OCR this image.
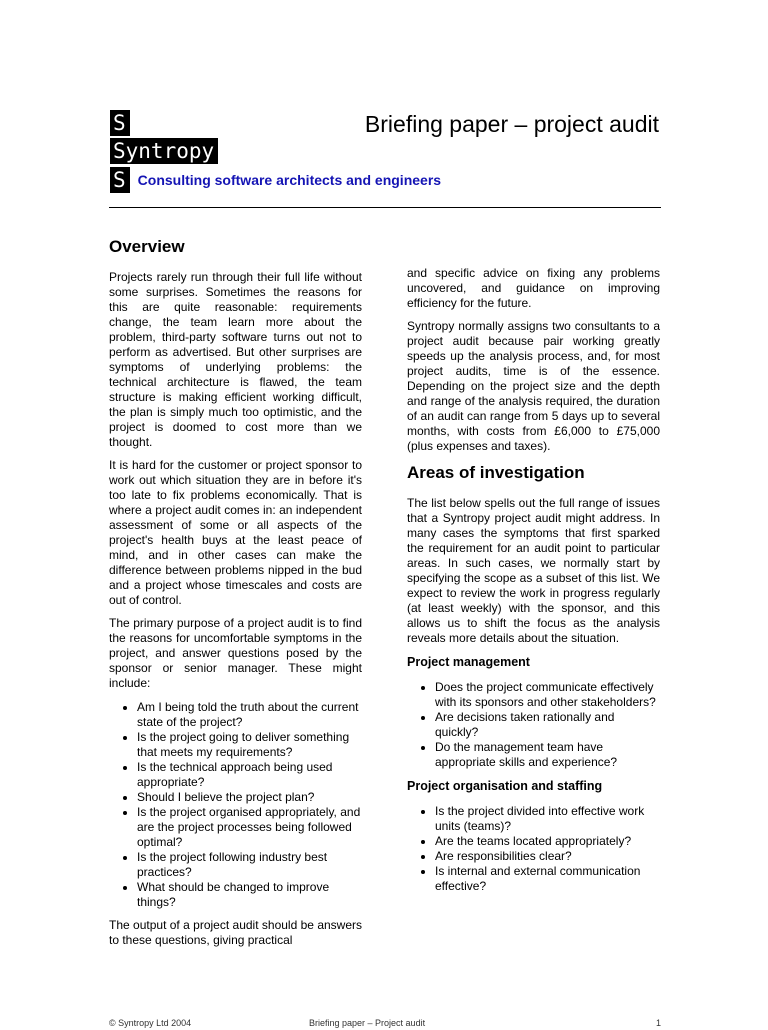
S
Syntropy
S Consulting software architects and engineers
Briefing paper – project audit
Overview

Projects rarely run through their full life without some surprises. Sometimes the reasons for this are quite reasonable: requirements change, the team learn more about the problem, third-party software turns out not to perform as advertised. But other surprises are symptoms of underlying problems: the technical architecture is flawed, the team structure is making efficient working difficult, the plan is simply much too optimistic, and the project is doomed to cost more than we thought.

It is hard for the customer or project sponsor to work out which situation they are in before it's too late to fix problems economically. That is where a project audit comes in: an independent assessment of some or all aspects of the project's health buys at the least peace of mind, and in other cases can make the difference between problems nipped in the bud and a project whose timescales and costs are out of control.

The primary purpose of a project audit is to find the reasons for uncomfortable symptoms in the project, and answer questions posed by the sponsor or senior manager. These might include:

• Am I being told the truth about the current state of the project?
• Is the project going to deliver something that meets my requirements?
• Is the technical approach being used appropriate?
• Should I believe the project plan?
• Is the project organised appropriately, and are the project processes being followed optimal?
• Is the project following industry best practices?
• What should be changed to improve things?

The output of a project audit should be answers to these questions, giving practical

and specific advice on fixing any problems uncovered, and guidance on improving efficiency for the future.

Syntropy normally assigns two consultants to a project audit because pair working greatly speeds up the analysis process, and, for most project audits, time is of the essence. Depending on the project size and the depth and range of the analysis required, the duration of an audit can range from 5 days up to several months, with costs from £6,000 to £75,000 (plus expenses and taxes).

Areas of investigation

The list below spells out the full range of issues that a Syntropy project audit might address. In many cases the symptoms that first sparked the requirement for an audit point to particular areas. In such cases, we normally start by specifying the scope as a subset of this list. We expect to review the work in progress regularly (at least weekly) with the sponsor, and this allows us to shift the focus as the analysis reveals more details about the situation.

Project management
• Does the project communicate effectively with its sponsors and other stakeholders?
• Are decisions taken rationally and quickly?
• Do the management team have appropriate skills and experience?
Project organisation and staffing
• Is the project divided into effective work units (teams)?
• Are the teams located appropriately?
• Are responsibilities clear?
• Is internal and external communication effective?
© Syntropy Ltd 2004	Briefing paper – Project audit	1
